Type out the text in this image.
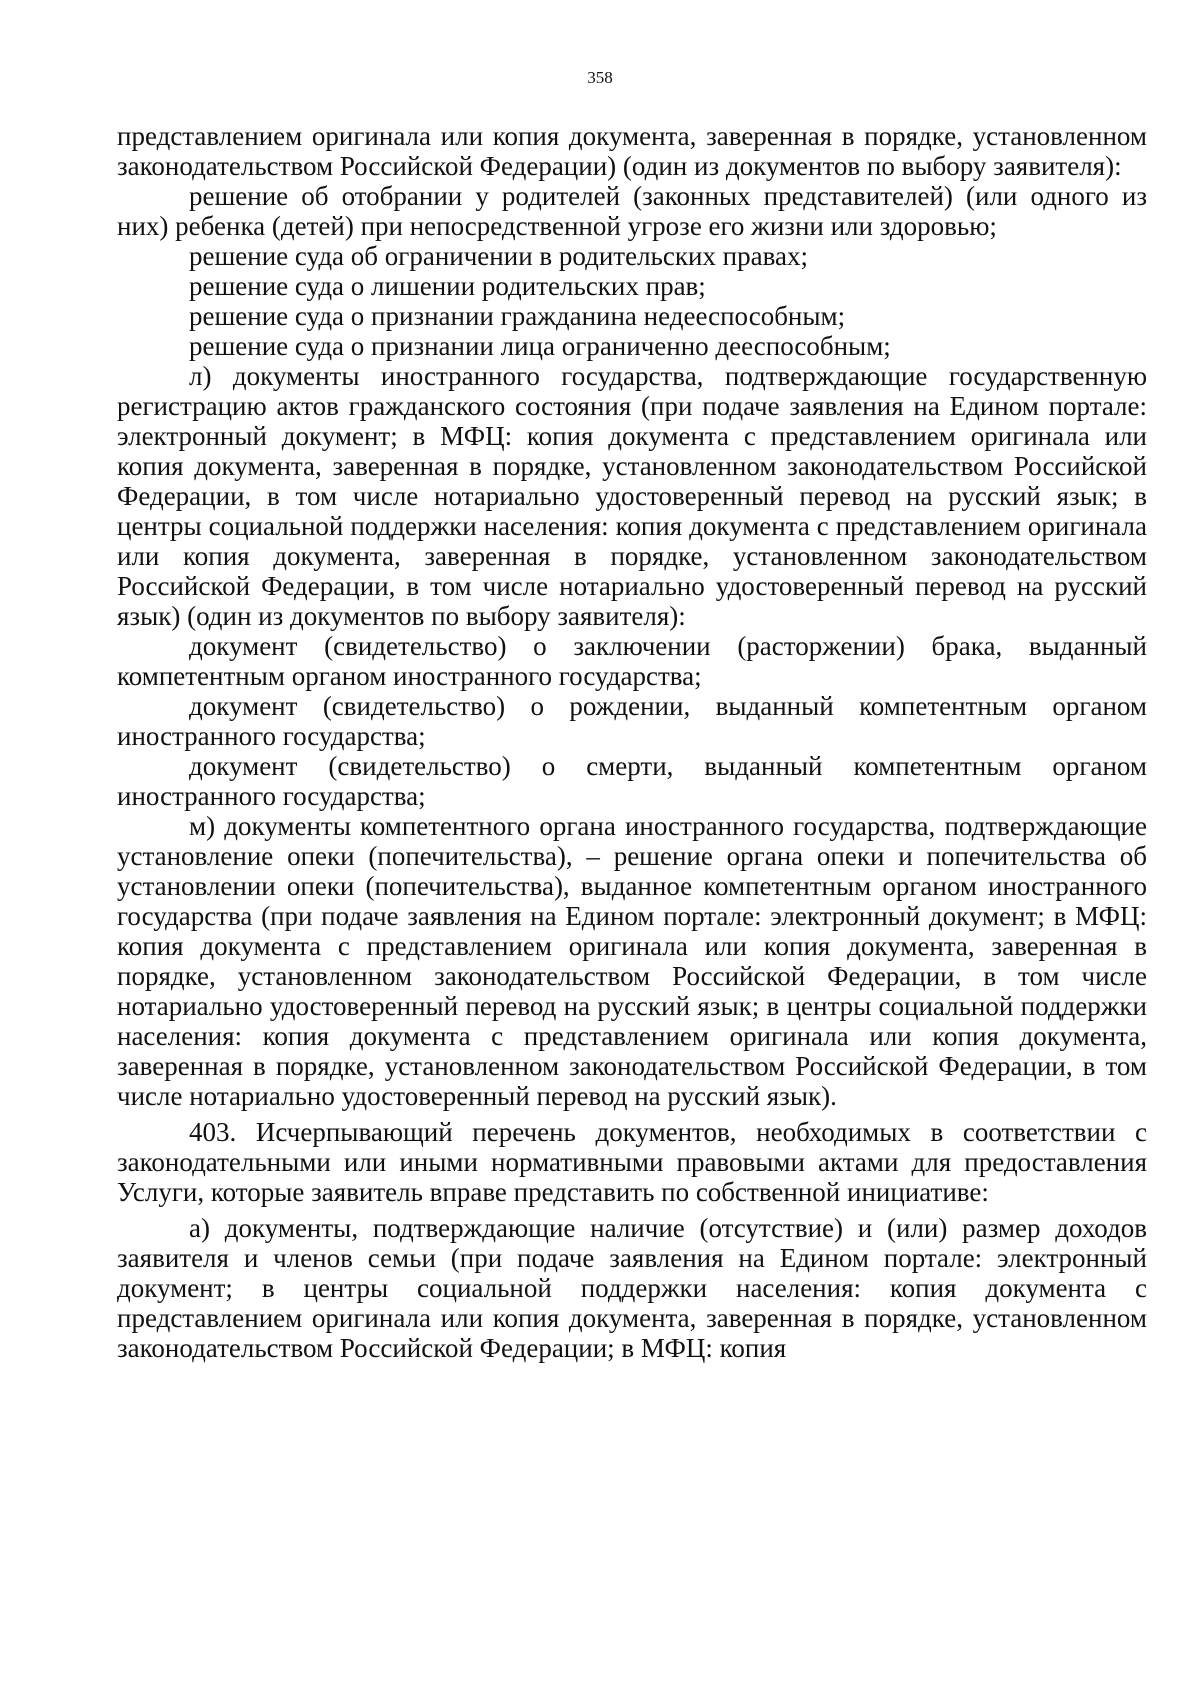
358

представлением оригинала или копия документа, заверенная в порядке, установленном законодательством Российской Федерации) (один из документов по выбору заявителя):

решение об отобрании у родителей (законных представителей) (или одного из них) ребенка (детей) при непосредственной угрозе его жизни или здоровью;

решение суда об ограничении в родительских правах;

решение суда о лишении родительских прав;

решение суда о признании гражданина недееспособным;

решение суда о признании лица ограниченно дееспособным;

л) документы иностранного государства, подтверждающие государственную регистрацию актов гражданского состояния (при подаче заявления на Едином портале: электронный документ; в МФЦ: копия документа с представлением оригинала или копия документа, заверенная в порядке, установленном законодательством Российской Федерации, в том числе нотариально удостоверенный перевод на русский язык; в центры социальной поддержки населения: копия документа с представлением оригинала или копия документа, заверенная в порядке, установленном законодательством Российской Федерации, в том числе нотариально удостоверенный перевод на русский язык) (один из документов по выбору заявителя):

документ (свидетельство) о заключении (расторжении) брака, выданный компетентным органом иностранного государства;

документ (свидетельство) о рождении, выданный компетентным органом иностранного государства;

документ (свидетельство) о смерти, выданный компетентным органом иностранного государства;

м) документы компетентного органа иностранного государства, подтверждающие установление опеки (попечительства), – решение органа опеки и попечительства об установлении опеки (попечительства), выданное компетентным органом иностранного государства (при подаче заявления на Едином портале: электронный документ; в МФЦ: копия документа с представлением оригинала или копия документа, заверенная в порядке, установленном законодательством Российской Федерации, в том числе нотариально удостоверенный перевод на русский язык; в центры социальной поддержки населения: копия документа с представлением оригинала или копия документа, заверенная в порядке, установленном законодательством Российской Федерации, в том числе нотариально удостоверенный перевод на русский язык).

403. Исчерпывающий перечень документов, необходимых в соответствии с законодательными или иными нормативными правовыми актами для предоставления Услуги, которые заявитель вправе представить по собственной инициативе:

а) документы, подтверждающие наличие (отсутствие) и (или) размер доходов заявителя и членов семьи (при подаче заявления на Едином портале: электронный документ; в центры социальной поддержки населения: копия документа с представлением оригинала или копия документа, заверенная в порядке, установленном законодательством Российской Федерации; в МФЦ: копия
